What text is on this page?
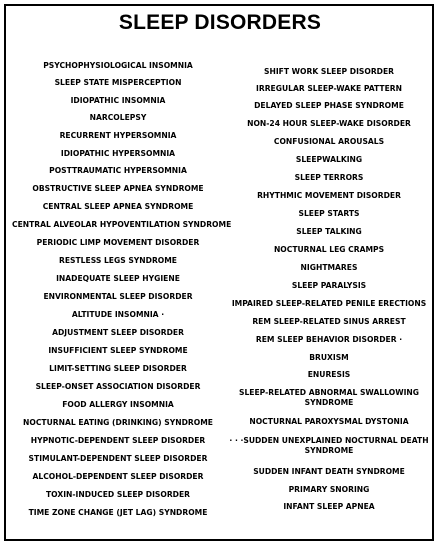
SLEEP DISORDERS
PSYCHOPHYSIOLOGICAL INSOMNIA
SLEEP STATE MISPERCEPTION
IDIOPATHIC INSOMNIA
NARCOLEPSY
RECURRENT HYPERSOMNIA
IDIOPATHIC HYPERSOMNIA
POSTTRAUMATIC HYPERSOMNIA
OBSTRUCTIVE SLEEP APNEA SYNDROME
CENTRAL SLEEP APNEA SYNDROME
CENTRAL ALVEOLAR HYPOVENTILATION SYNDROME
PERIODIC LIMP MOVEMENT DISORDER
RESTLESS LEGS SYNDROME
INADEQUATE SLEEP HYGIENE
ENVIRONMENTAL SLEEP DISORDER
ALTITUDE INSOMNIA ·
ADJUSTMENT SLEEP DISORDER
INSUFFICIENT SLEEP SYNDROME
LIMIT-SETTING SLEEP DISORDER
SLEEP-ONSET ASSOCIATION DISORDER
FOOD ALLERGY INSOMNIA
NOCTURNAL EATING (DRINKING) SYNDROME
HYPNOTIC-DEPENDENT SLEEP DISORDER
STIMULANT-DEPENDENT SLEEP DISORDER
ALCOHOL-DEPENDENT SLEEP DISORDER
TOXIN-INDUCED SLEEP DISORDER
TIME ZONE CHANGE (JET LAG) SYNDROME
SHIFT WORK SLEEP DISORDER
IRREGULAR SLEEP-WAKE PATTERN
DELAYED SLEEP PHASE SYNDROME
NON-24 HOUR SLEEP-WAKE DISORDER
CONFUSIONAL AROUSALS
SLEEPWALKING
SLEEP TERRORS
RHYTHMIC MOVEMENT DISORDER
SLEEP STARTS
SLEEP TALKING
NOCTURNAL LEG CRAMPS
NIGHTMARES
SLEEP PARALYSIS
IMPAIRED SLEEP-RELATED PENILE ERECTIONS
REM SLEEP-RELATED SINUS ARREST
REM SLEEP BEHAVIOR DISORDER ·
BRUXISM
ENURESIS
SLEEP-RELATED ABNORMAL SWALLOWING SYNDROME
NOCTURNAL PAROXYSMAL DYSTONIA
· · ·SUDDEN UNEXPLAINED NOCTURNAL DEATH SYNDROME
SUDDEN INFANT DEATH SYNDROME
PRIMARY SNORING
INFANT SLEEP APNEA
